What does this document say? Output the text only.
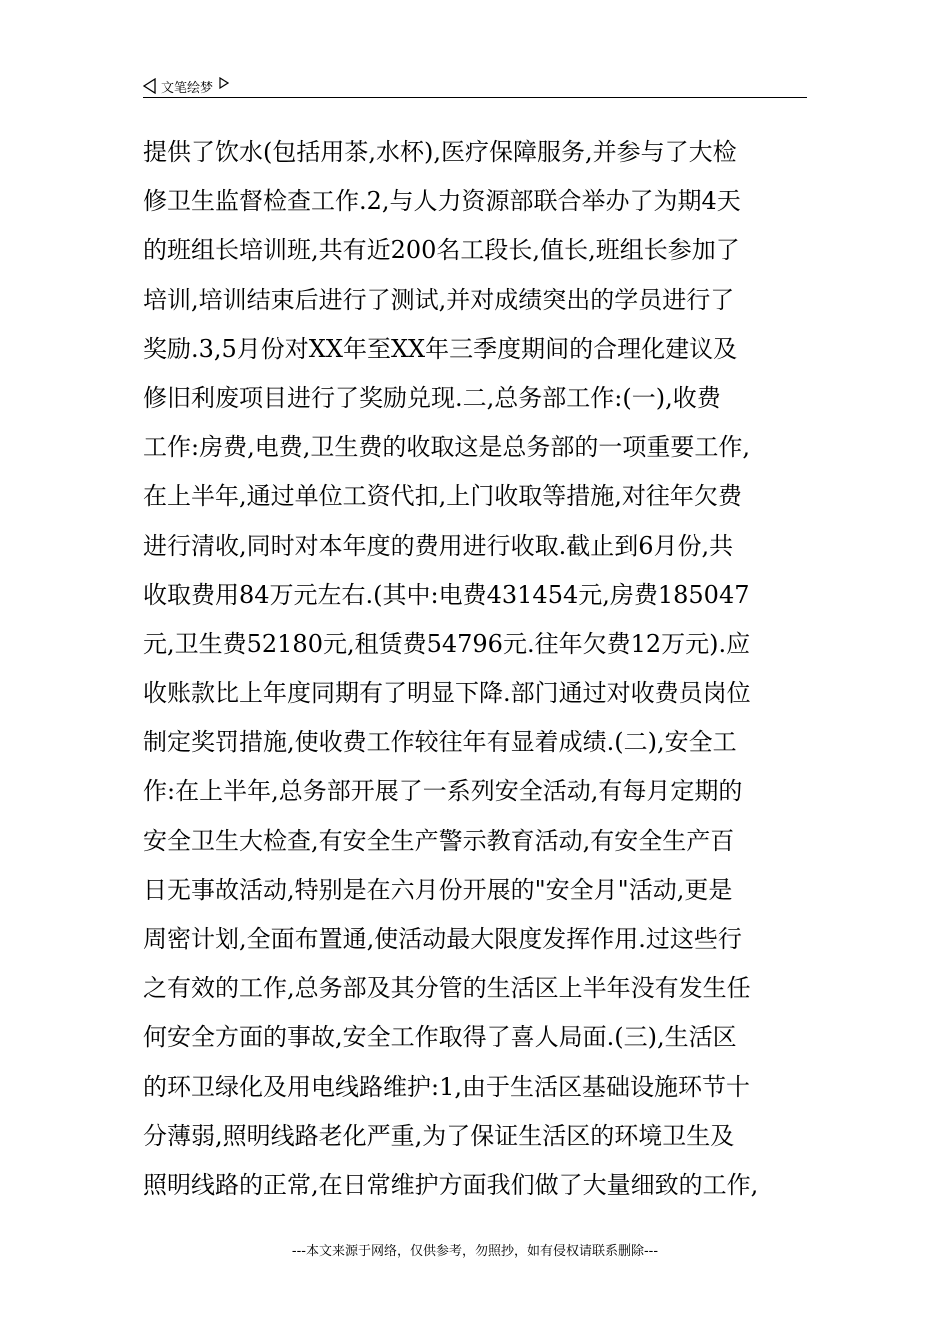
文笔绘梦
提供了饮水(包括用茶,水杯),医疗保障服务,并参与了大检
修卫生监督检查工作.2,与人力资源部联合举办了为期4天
的班组长培训班,共有近200名工段长,值长,班组长参加了
培训,培训结束后进行了测试,并对成绩突出的学员进行了
奖励.3,5月份对XX年至XX年三季度期间的合理化建议及
修旧利废项目进行了奖励兑现.二,总务部工作:(一),收费
工作:房费,电费,卫生费的收取这是总务部的一项重要工作,
在上半年,通过单位工资代扣,上门收取等措施,对往年欠费
进行清收,同时对本年度的费用进行收取.截止到6月份,共
收取费用84万元左右.(其中:电费431454元,房费185047
元,卫生费52180元,租赁费54796元.往年欠费12万元).应
收账款比上年度同期有了明显下降.部门通过对收费员岗位
制定奖罚措施,使收费工作较往年有显着成绩.(二),安全工
作:在上半年,总务部开展了一系列安全活动,有每月定期的
安全卫生大检查,有安全生产警示教育活动,有安全生产百
日无事故活动,特别是在六月份开展的"安全月"活动,更是
周密计划,全面布置通,使活动最大限度发挥作用.过这些行
之有效的工作,总务部及其分管的生活区上半年没有发生任
何安全方面的事故,安全工作取得了喜人局面.(三),生活区
的环卫绿化及用电线路维护:1,由于生活区基础设施环节十
分薄弱,照明线路老化严重,为了保证生活区的环境卫生及
照明线路的正常,在日常维护方面我们做了大量细致的工作,
---本文来源于网络，仅供参考，勿照抄，如有侵权请联系删除---
